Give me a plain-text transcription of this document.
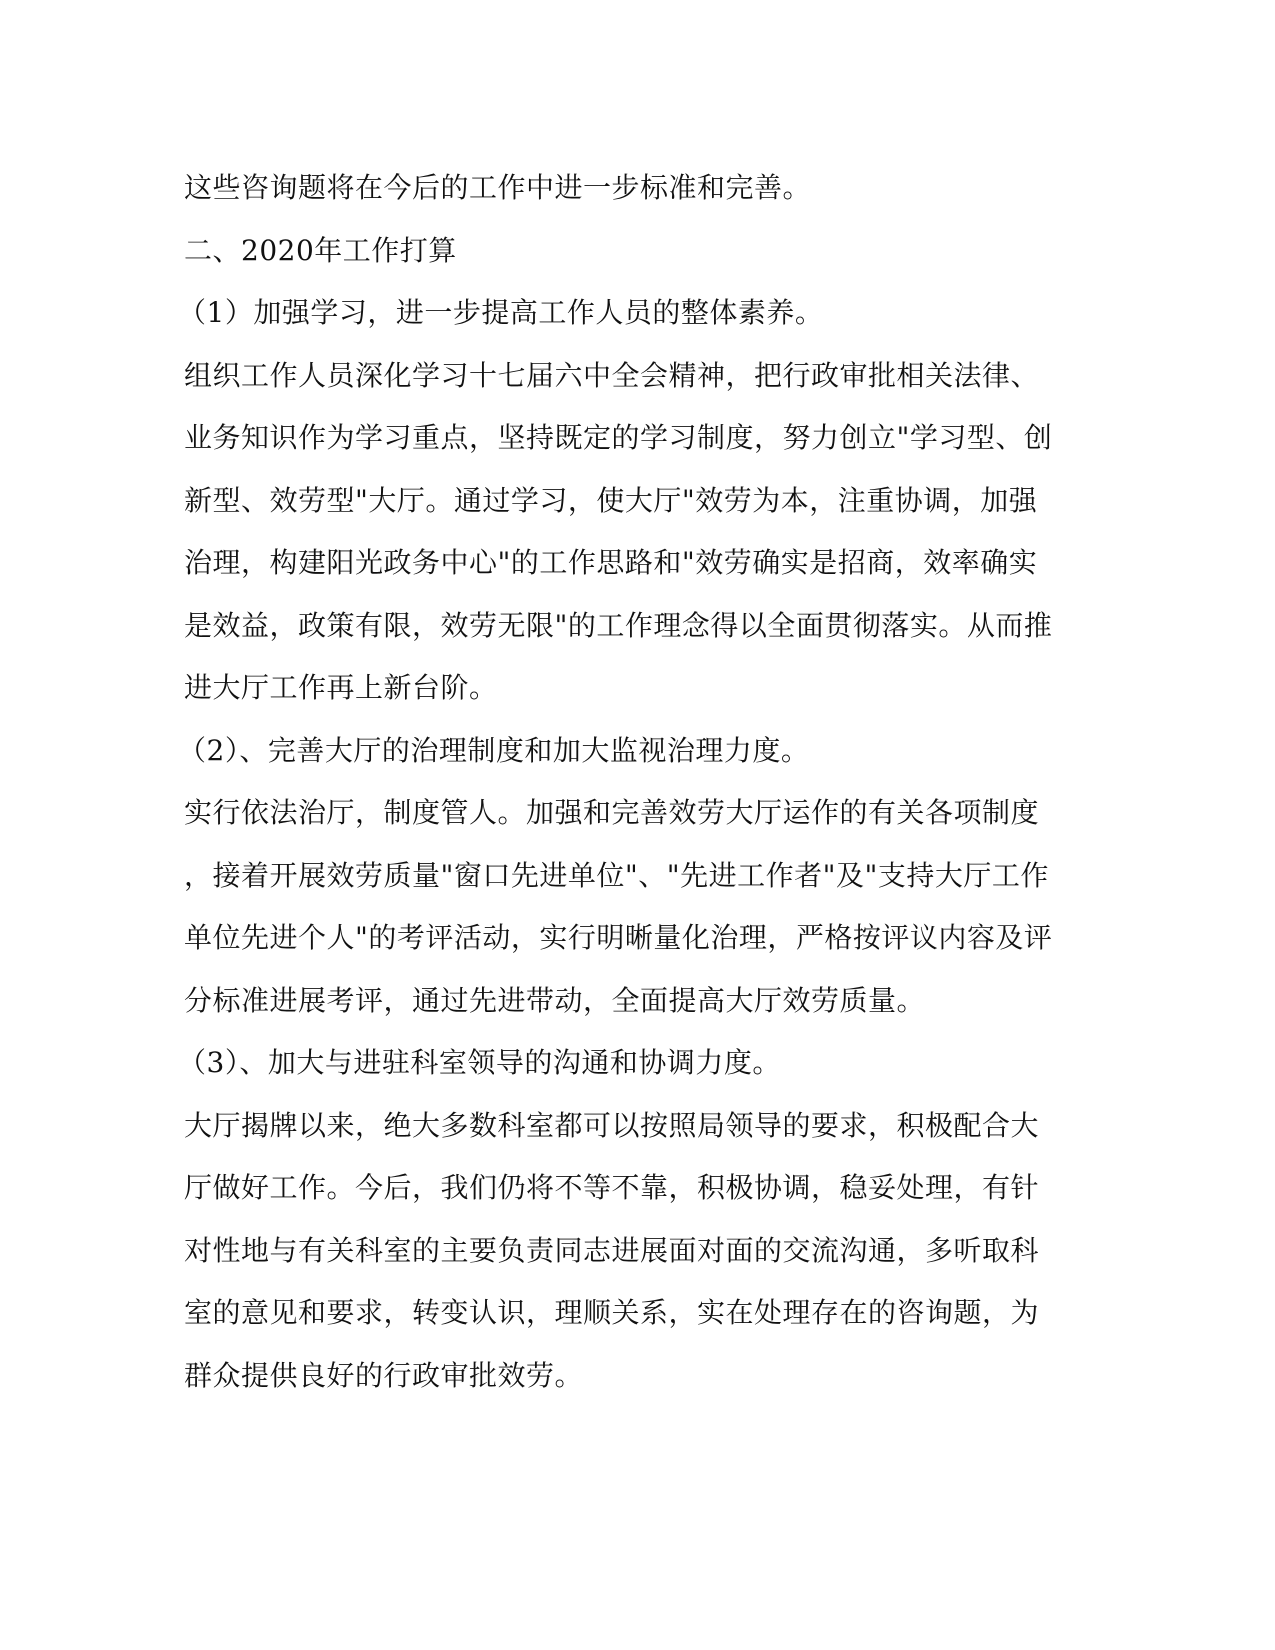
这些咨询题将在今后的工作中进一步标准和完善。
二、2020年工作打算
（1）加强学习，进一步提高工作人员的整体素养。
组织工作人员深化学习十七届六中全会精神，把行政审批相关法律、
业务知识作为学习重点，坚持既定的学习制度，努力创立"学习型、创
新型、效劳型"大厅。通过学习，使大厅"效劳为本，注重协调，加强
治理，构建阳光政务中心"的工作思路和"效劳确实是招商，效率确实
是效益，政策有限，效劳无限"的工作理念得以全面贯彻落实。从而推
进大厅工作再上新台阶。
（2）、完善大厅的治理制度和加大监视治理力度。
实行依法治厅，制度管人。加强和完善效劳大厅运作的有关各项制度
，接着开展效劳质量"窗口先进单位"、"先进工作者"及"支持大厅工作
单位先进个人"的考评活动，实行明晰量化治理，严格按评议内容及评
分标准进展考评，通过先进带动，全面提高大厅效劳质量。
（3）、加大与进驻科室领导的沟通和协调力度。
大厅揭牌以来，绝大多数科室都可以按照局领导的要求，积极配合大
厅做好工作。今后，我们仍将不等不靠，积极协调，稳妥处理，有针
对性地与有关科室的主要负责同志进展面对面的交流沟通，多听取科
室的意见和要求，转变认识，理顺关系，实在处理存在的咨询题，为
群众提供良好的行政审批效劳。
